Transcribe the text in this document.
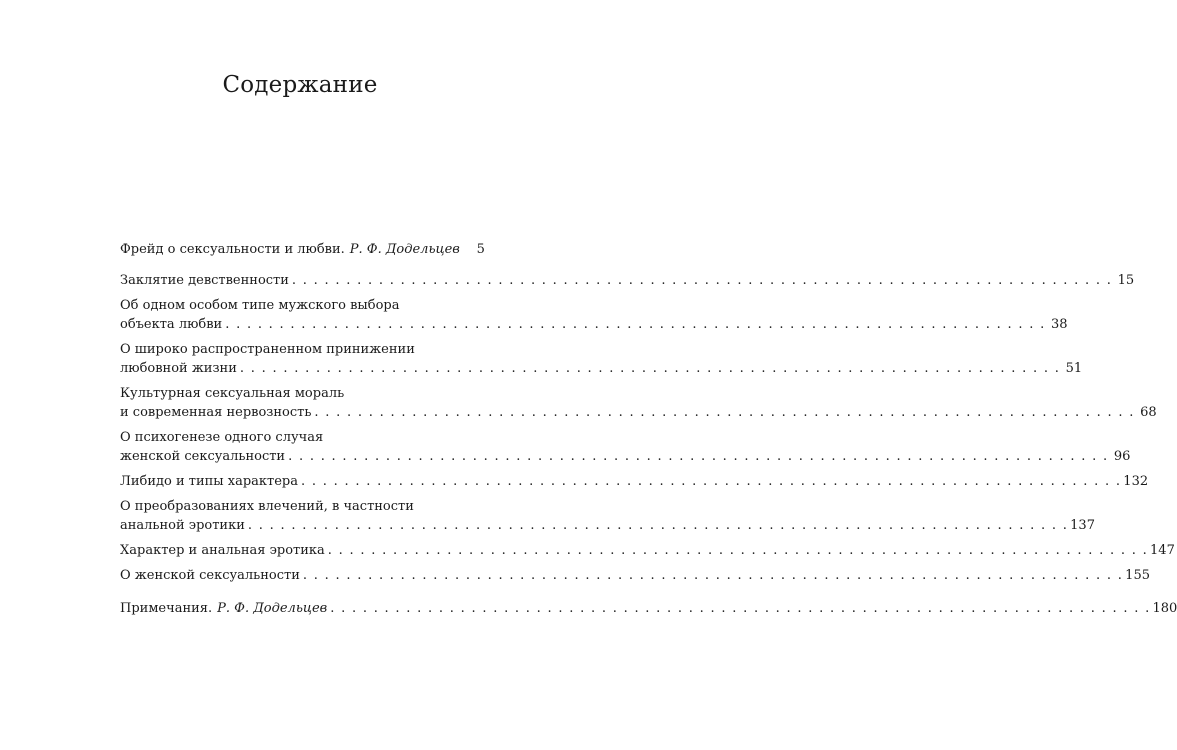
Содержание
Фрейд о сексуальности и любви. Р. Ф. Додельцев	5
Заклятие девственности . . .	15
Об одном особом типе мужского выбора
объекта любви . . .	38
О широко распространенном принижении
любовной жизни . . .	51
Культурная сексуальная мораль
и современная нервозность . . .	68
О психогенезе одного случая
женской сексуальности . . .	96
Либидо и типы характера . . .	132
О преобразованиях влечений, в частности
анальной эротики . . .	137
Характер и анальная эротика . . .	147
О женской сексуальности . . .	155
Примечания. Р. Ф. Додельцев . . .	180
